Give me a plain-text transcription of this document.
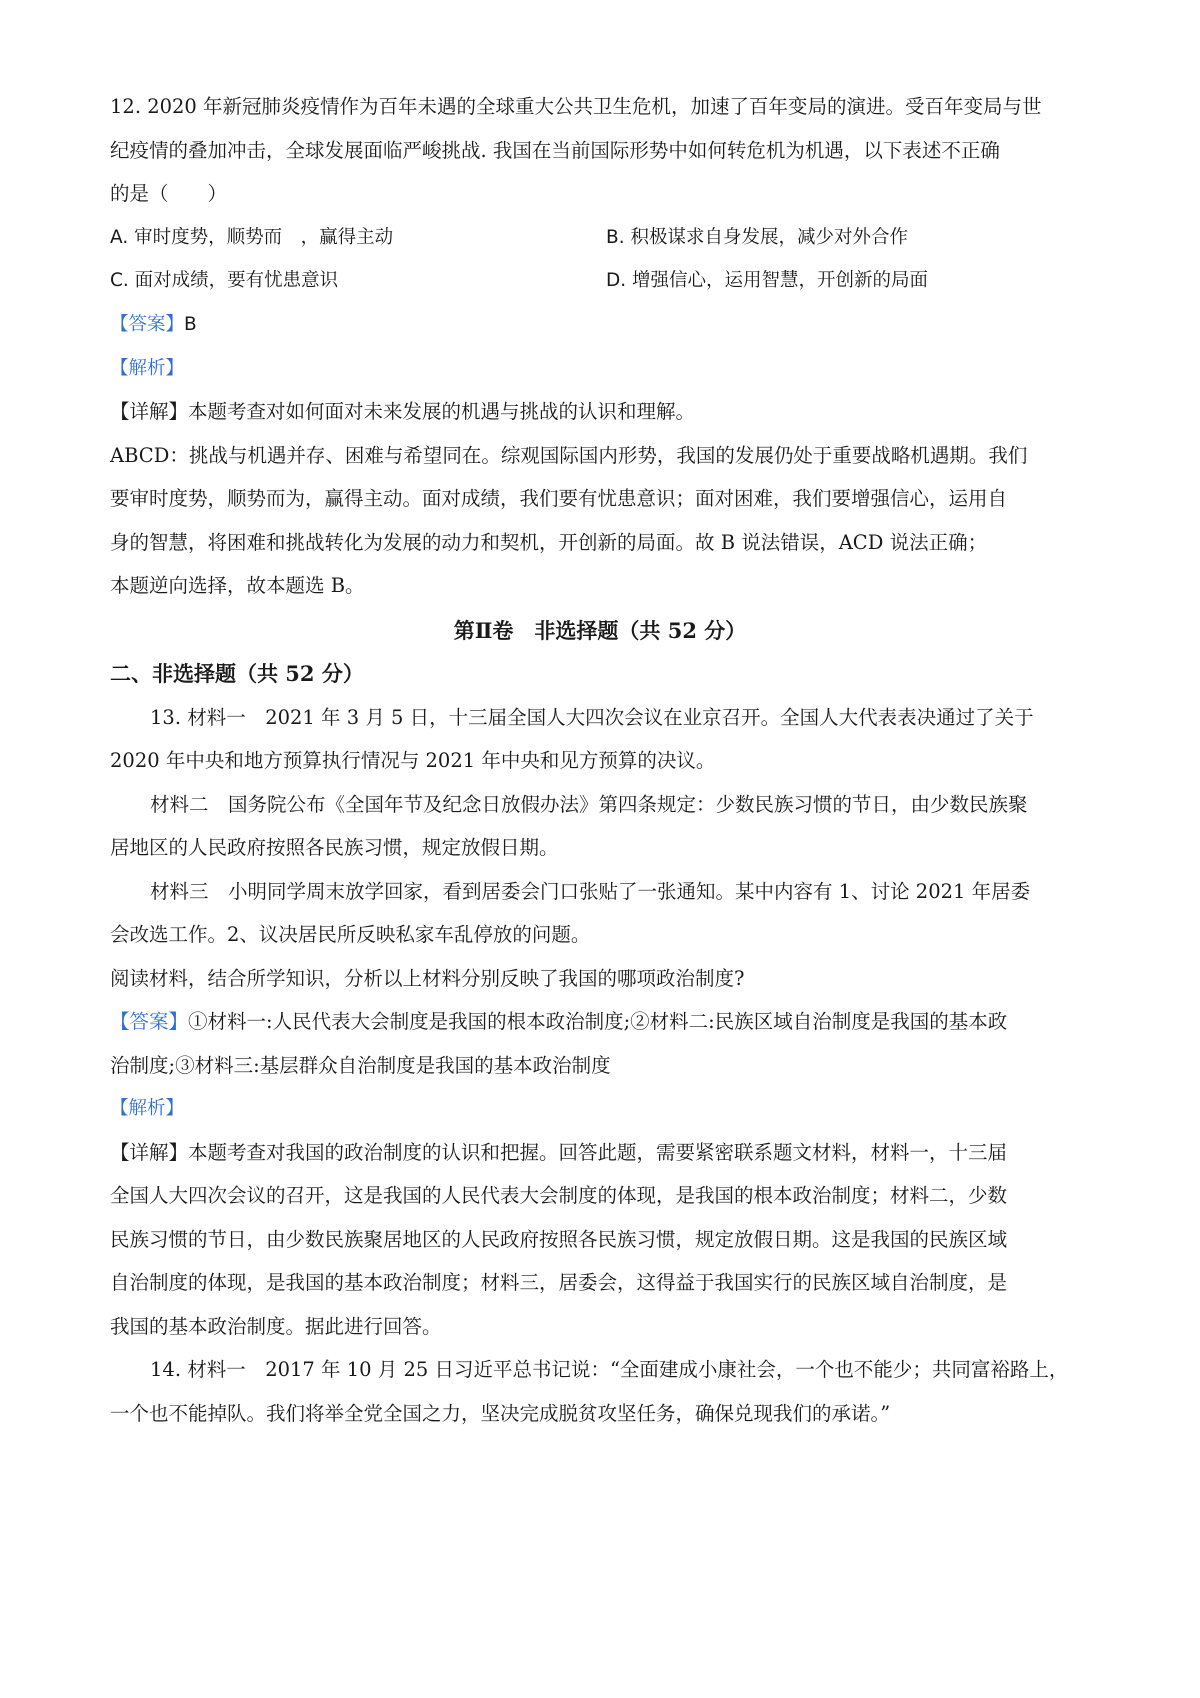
12. 2020 年新冠肺炎疫情作为百年未遇的全球重大公共卫生危机，加速了百年变局的演进。受百年变局与世
纪疫情的叠加冲击，全球发展面临严峻挑战. 我国在当前国际形势中如何转危机为机遇，以下表述不正确
的是（　　）
A. 审时度势，顺势而　，赢得主动	B. 积极谋求自身发展，减少对外合作
C. 面对成绩，要有忧患意识	D. 增强信心，运用智慧，开创新的局面
【答案】B
【解析】
【详解】本题考查对如何面对未来发展的机遇与挑战的认识和理解。
ABCD：挑战与机遇并存、困难与希望同在。综观国际国内形势，我国的发展仍处于重要战略机遇期。我们
要审时度势，顺势而为，赢得主动。面对成绩，我们要有忧患意识；面对困难，我们要增强信心，运用自
身的智慧，将困难和挑战转化为发展的动力和契机，开创新的局面。故 B 说法错误，ACD 说法正确；
本题逆向选择，故本题选 B。
第Ⅱ卷　非选择题（共 52 分）
二、非选择题（共 52 分）
13. 材料一　2021 年 3 月 5 日，十三届全国人大四次会议在业京召开。全国人大代表表决通过了关于
2020 年中央和地方预算执行情况与 2021 年中央和见方预算的决议。
材料二　国务院公布《全国年节及纪念日放假办法》第四条规定：少数民族习惯的节日，由少数民族聚
居地区的人民政府按照各民族习惯，规定放假日期。
材料三　小明同学周末放学回家，看到居委会门口张贴了一张通知。某中内容有 1、讨论 2021 年居委
会改选工作。2、议决居民所反映私家车乱停放的问题。
阅读材料，结合所学知识，分析以上材料分别反映了我国的哪项政治制度?
【答案】①材料一:人民代表大会制度是我国的根本政治制度;②材料二:民族区域自治制度是我国的基本政
治制度;③材料三:基层群众自治制度是我国的基本政治制度
【解析】
【详解】本题考查对我国的政治制度的认识和把握。回答此题，需要紧密联系题文材料，材料一，十三届
全国人大四次会议的召开，这是我国的人民代表大会制度的体现，是我国的根本政治制度；材料二，少数
民族习惯的节日，由少数民族聚居地区的人民政府按照各民族习惯，规定放假日期。这是我国的民族区域
自治制度的体现，是我国的基本政治制度；材料三，居委会，这得益于我国实行的民族区域自治制度，是
我国的基本政治制度。据此进行回答。
14. 材料一　2017 年 10 月 25 日习近平总书记说：“全面建成小康社会，一个也不能少；共同富裕路上，
一个也不能掉队。我们将举全党全国之力，坚决完成脱贫攻坚任务，确保兑现我们的承诺。”
